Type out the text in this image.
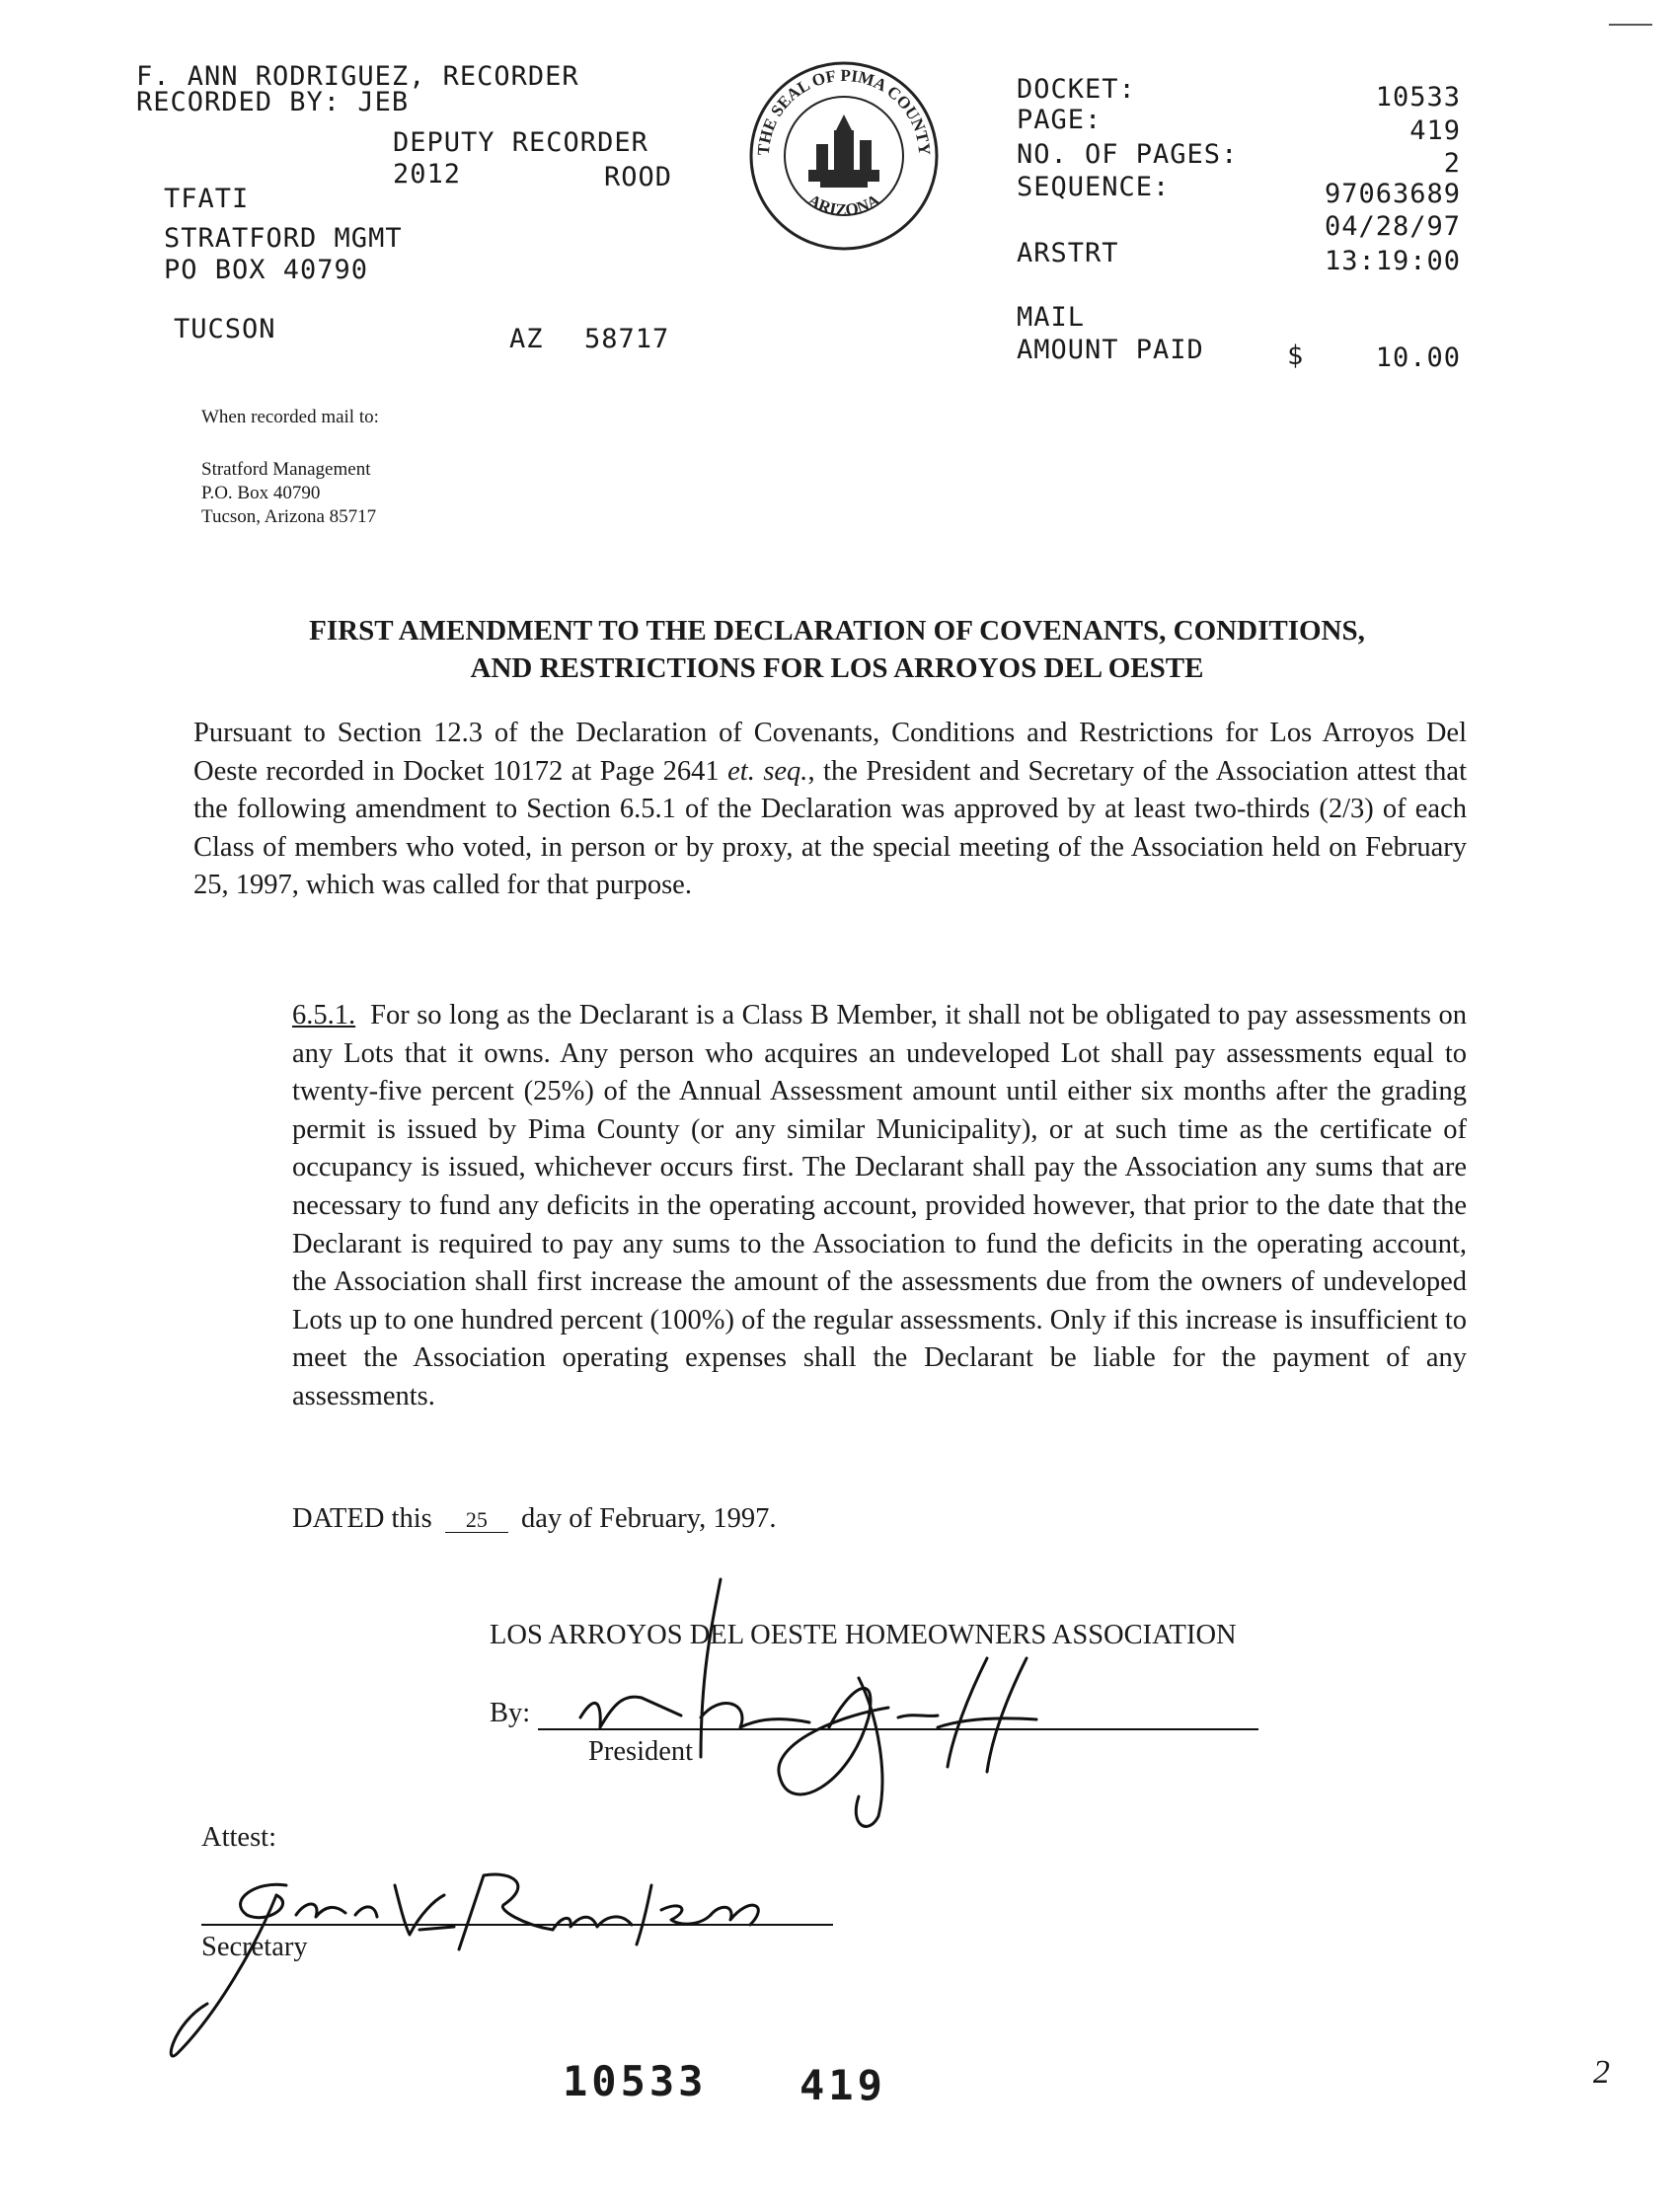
F. ANN RODRIGUEZ, RECORDER
RECORDED BY: JEB
DEPUTY RECORDER
2012	ROOD
TFATI
STRATFORD MGMT
PO BOX 40790
TUCSON	AZ 58717
THE SEAL OF PIMA COUNTY
ARIZONA
DOCKET:	10533
PAGE:	419
NO. OF PAGES:	2
SEQUENCE:	97063689
04/28/97
ARSTRT	13:19:00
MAIL
AMOUNT PAID	$	10.00
When recorded mail to:
Stratford Management
P.O. Box 40790
Tucson, Arizona 85717
FIRST AMENDMENT TO THE DECLARATION OF COVENANTS, CONDITIONS,
AND RESTRICTIONS FOR LOS ARROYOS DEL OESTE

Pursuant to Section 12.3 of the Declaration of Covenants, Conditions and Restrictions for Los Arroyos Del Oeste recorded in Docket 10172 at Page 2641 et. seq., the President and Secretary of the Association attest that the following amendment to Section 6.5.1 of the Declaration was approved by at least two-thirds (2/3) of each Class of members who voted, in person or by proxy, at the special meeting of the Association held on February 25, 1997, which was called for that purpose.

6.5.1. For so long as the Declarant is a Class B Member, it shall not be obligated to pay assessments on any Lots that it owns. Any person who acquires an undeveloped Lot shall pay assessments equal to twenty-five percent (25%) of the Annual Assessment amount until either six months after the grading permit is issued by Pima County (or any similar Municipality), or at such time as the certificate of occupancy is issued, whichever occurs first. The Declarant shall pay the Association any sums that are necessary to fund any deficits in the operating account, provided however, that prior to the date that the Declarant is required to pay any sums to the Association to fund the deficits in the operating account, the Association shall first increase the amount of the assessments due from the owners of undeveloped Lots up to one hundred percent (100%) of the regular assessments. Only if this increase is insufficient to meet the Association operating expenses shall the Declarant be liable for the payment of any assessments.

DATED this 25 day of February, 1997.
LOS ARROYOS DEL OESTE HOMEOWNERS ASSOCIATION
By:
President
Attest:
Secretary
10533 419	2
